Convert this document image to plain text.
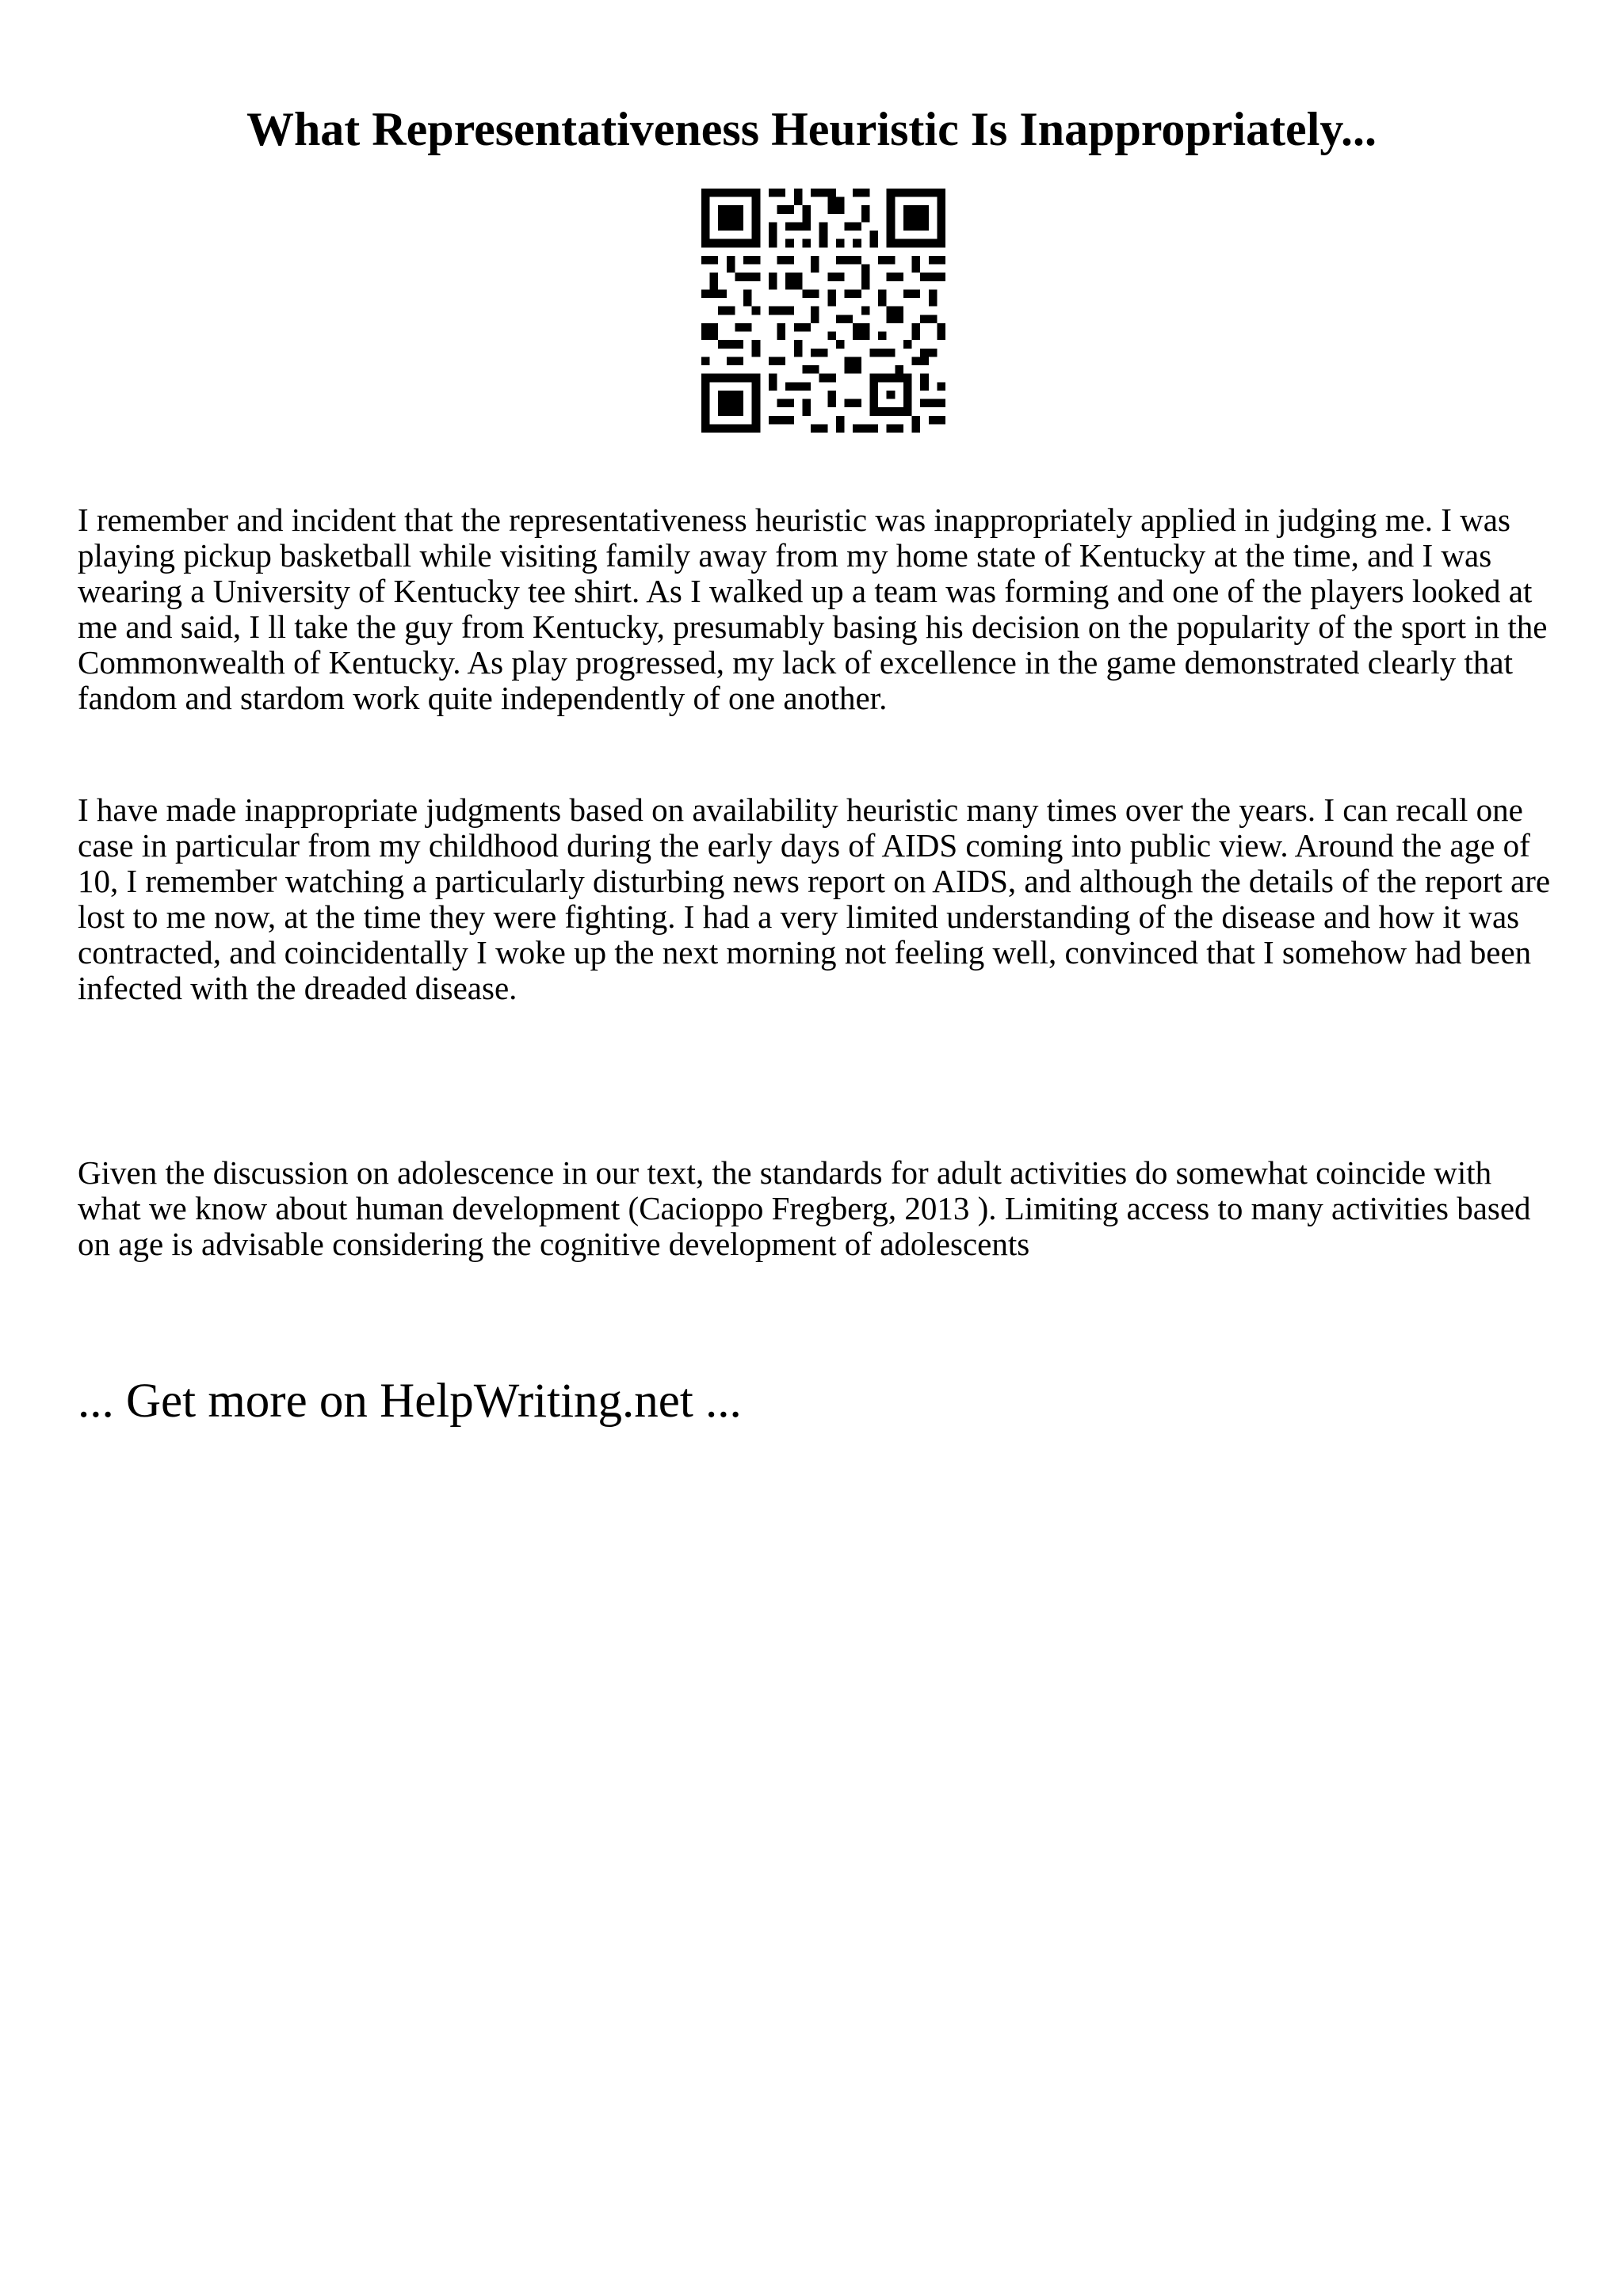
What Representativeness Heuristic Is Inappropriately...

I remember and incident that the representativeness heuristic was inappropriately applied in judging me. I was playing pickup basketball while visiting family away from my home state of Kentucky at the time, and I was wearing a University of Kentucky tee shirt. As I walked up a team was forming and one of the players looked at me and said, I ll take the guy from Kentucky, presumably basing his decision on the popularity of the sport in the Commonwealth of Kentucky. As play progressed, my lack of excellence in the game demonstrated clearly that fandom and stardom work quite independently of one another.

I have made inappropriate judgments based on availability heuristic many times over the years. I can recall one case in particular from my childhood during the early days of AIDS coming into public view. Around the age of 10, I remember watching a particularly disturbing news report on AIDS, and although the details of the report are lost to me now, at the time they were fighting. I had a very limited understanding of the disease and how it was contracted, and coincidentally I woke up the next morning not feeling well, convinced that I somehow had been infected with the dreaded disease.

Given the discussion on adolescence in our text, the standards for adult activities do somewhat coincide with what we know about human development (Cacioppo Fregberg, 2013 ). Limiting access to many activities based on age is advisable considering the cognitive development of adolescents

... Get more on HelpWriting.net ...
